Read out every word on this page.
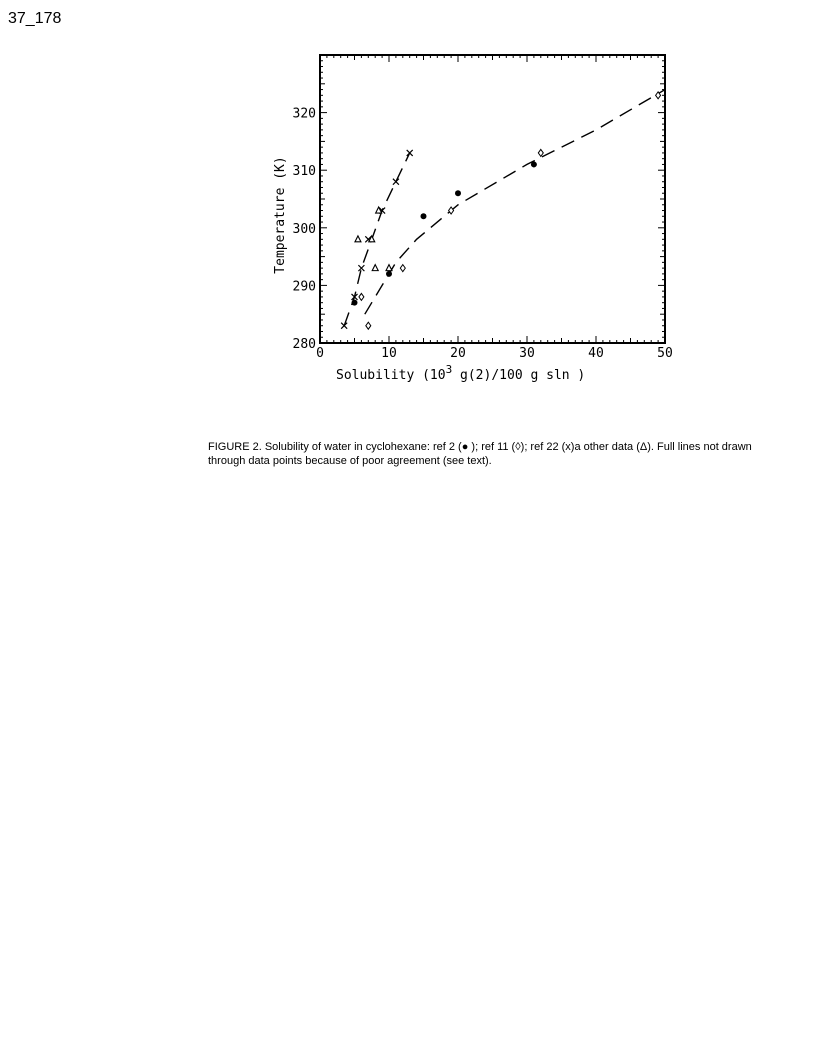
37_178
0	10	20	30	40	50
280
290
300
310
320
Temperature (K)
Solubility ($10^3$ g(2)/100 g sln )
FIGURE 2. Solubility of water in cyclohexane: ref 2 (● ); ref 11 (◊); ref 22 (x)a other data (Δ). Full lines not drawn through data points because of poor agreement (see text).
